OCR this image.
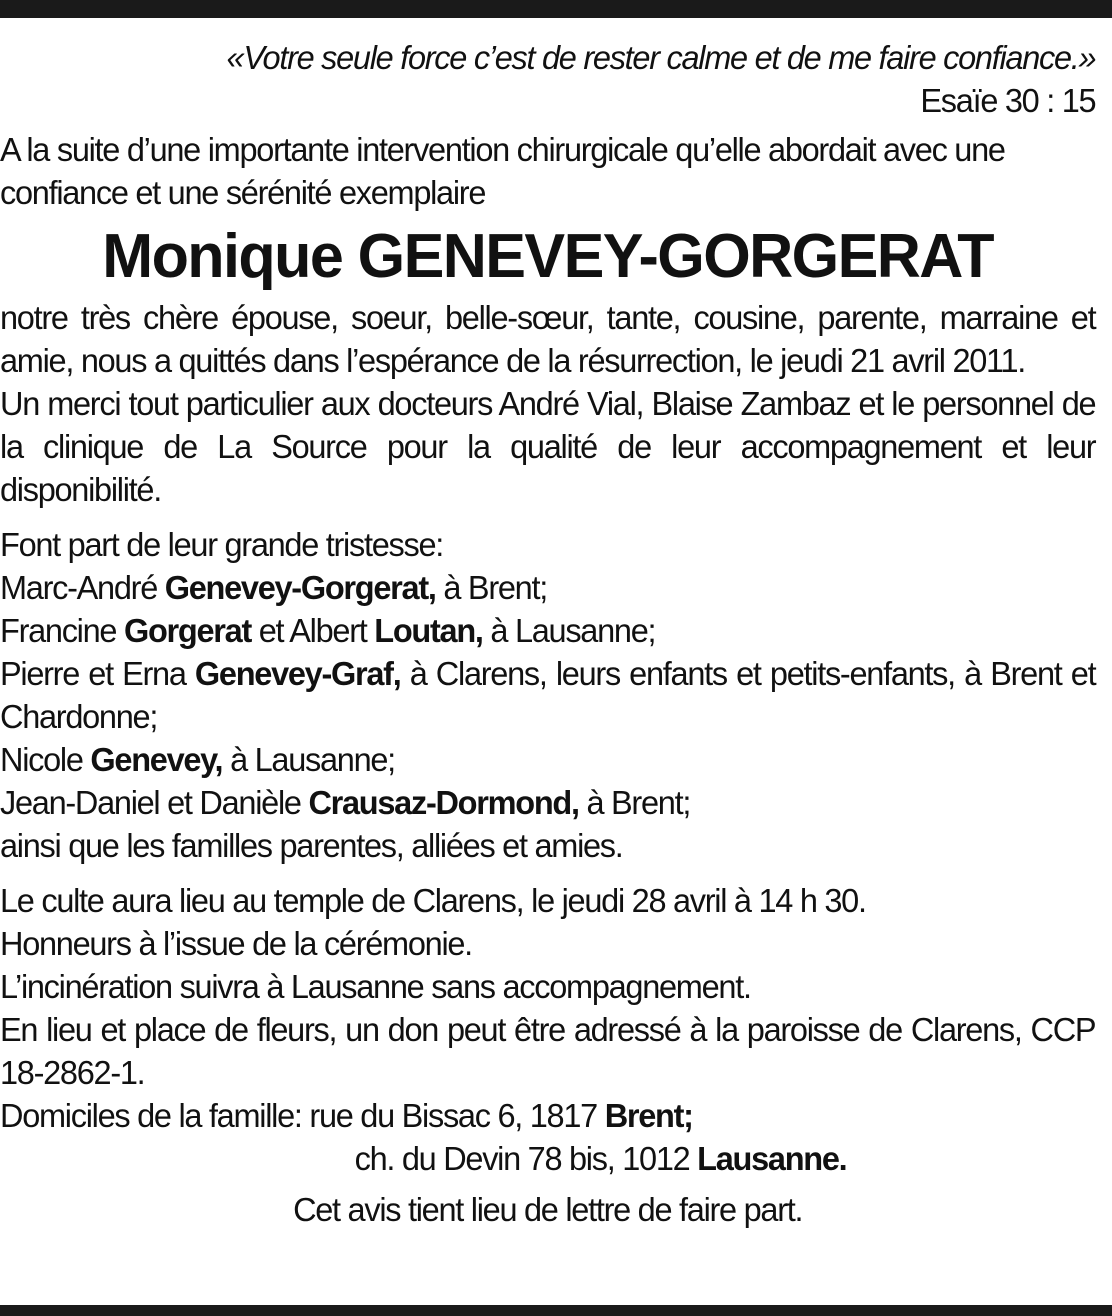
«Votre seule force c’est de rester calme et de me faire confiance.»

Esaïe 30 : 15

A la suite d’une importante intervention chirurgicale qu’elle abordait avec une confiance et une sérénité exemplaire

Monique GENEVEY-GORGERAT

notre très chère épouse, soeur, belle-sœur, tante, cousine, parente, marraine et amie, nous a quittés dans l’espérance de la résurrection, le jeudi 21 avril 2011.

Un merci tout particulier aux docteurs André Vial, Blaise Zambaz et le personnel de la clinique de La Source pour la qualité de leur accompagnement et leur disponibilité.

Font part de leur grande tristesse:

Marc-André Genevey-Gorgerat, à Brent;

Francine Gorgerat et Albert Loutan, à Lausanne;

Pierre et Erna Genevey-Graf, à Clarens, leurs enfants et petits-enfants, à Brent et Chardonne;

Nicole Genevey, à Lausanne;

Jean-Daniel et Danièle Crausaz-Dormond, à Brent;

ainsi que les familles parentes, alliées et amies.

Le culte aura lieu au temple de Clarens, le jeudi 28 avril à 14 h 30.

Honneurs à l’issue de la cérémonie.

L’incinération suivra à Lausanne sans accompagnement.

En lieu et place de fleurs, un don peut être adressé à la paroisse de Clarens, CCP 18-2862-1.

Domiciles de la famille: rue du Bissac 6, 1817 Brent;

ch. du Devin 78 bis, 1012 Lausanne.

Cet avis tient lieu de lettre de faire part.
